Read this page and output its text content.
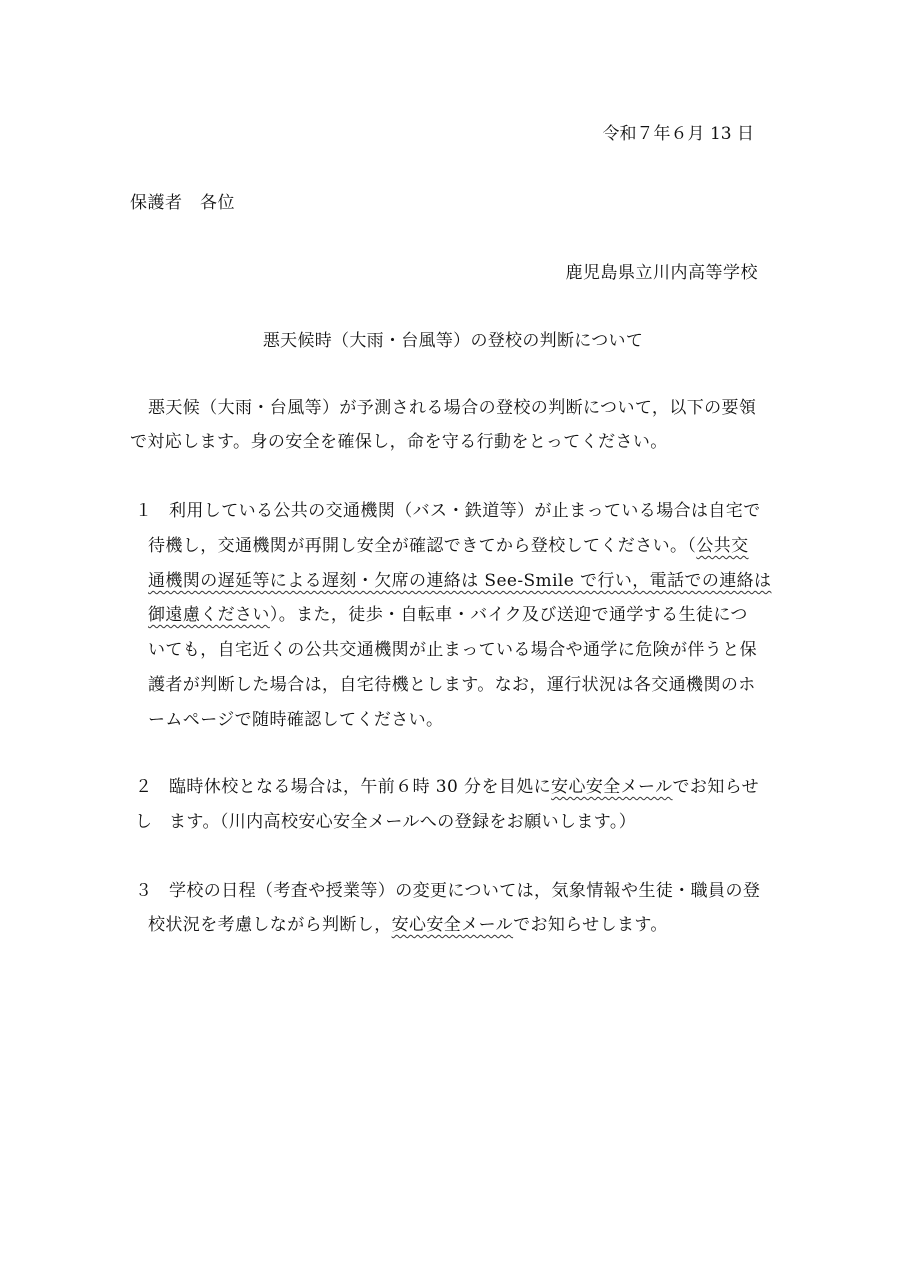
令和７年６月 13 日
保護者　各位
鹿児島県立川内高等学校
悪天候時（大雨・台風等）の登校の判断について
悪天候（大雨・台風等）が予測される場合の登校の判断について，以下の要領
で対応します。身の安全を確保し，命を守る行動をとってください。
１ 利用している公共の交通機関（バス・鉄道等）が止まっている場合は自宅で
待機し，交通機関が再開し安全が確認できてから登校してください。（公共交
通機関の遅延等による遅刻・欠席の連絡は See-Smile で行い，電話での連絡は
御遠慮ください）。また，徒歩・自転車・バイク及び送迎で通学する生徒につ
いても，自宅近くの公共交通機関が止まっている場合や通学に危険が伴うと保
護者が判断した場合は，自宅待機とします。なお，運行状況は各交通機関のホ
ームページで随時確認してください。
２ 臨時休校となる場合は，午前６時 30 分を目処に安心安全メールでお知らせ
し ます。（川内高校安心安全メールへの登録をお願いします。）
３ 学校の日程（考査や授業等）の変更については，気象情報や生徒・職員の登
校状況を考慮しながら判断し，安心安全メールでお知らせします。
